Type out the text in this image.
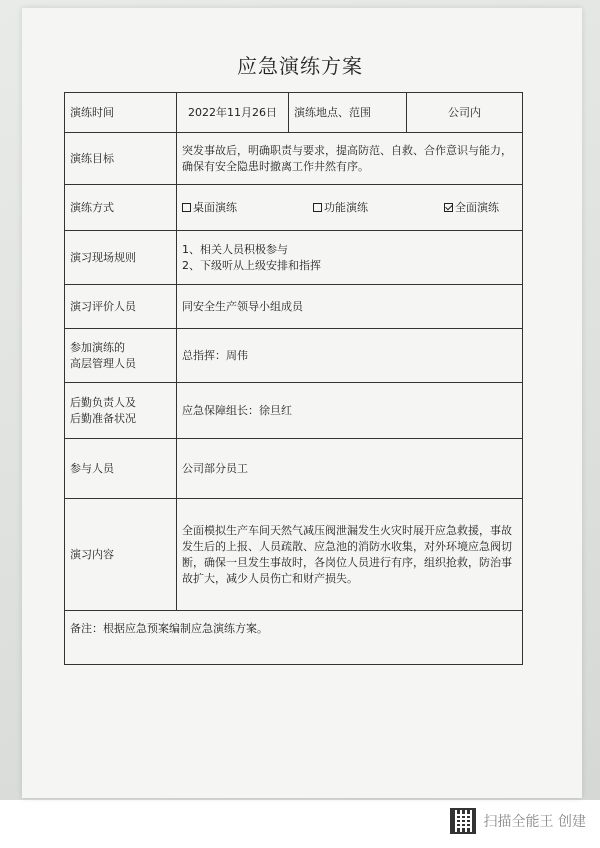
应急演练方案
演练时间	2022年11月26日	演练地点、范围	公司内
演练目标	突发事故后，明确职责与要求，提高防范、自救、合作意识与能力，确保有安全隐患时撤离工作井然有序。		
演练方式	桌面演练 功能演练 全面演练		

演习现场规则	1、相关人员积极参与
2、下级听从上级安排和指挥		

演习评价人员	同安全生产领导小组成员		

参加演练的
高层管理人员	总指挥：周伟		

后勤负责人及
后勤准备状况	应急保障组长：徐旦红		
参与人员	公司部分员工		
演习内容	全面模拟生产车间天然气减压阀泄漏发生火灾时展开应急救援，事故发生后的上报、人员疏散、应急池的消防水收集，对外环境应急阀切断，确保一旦发生事故时，各岗位人员进行有序，组织抢救，防治事故扩大，减少人员伤亡和财产损失。		
备注：根据应急预案编制应急演练方案。			
扫描全能王 创建
